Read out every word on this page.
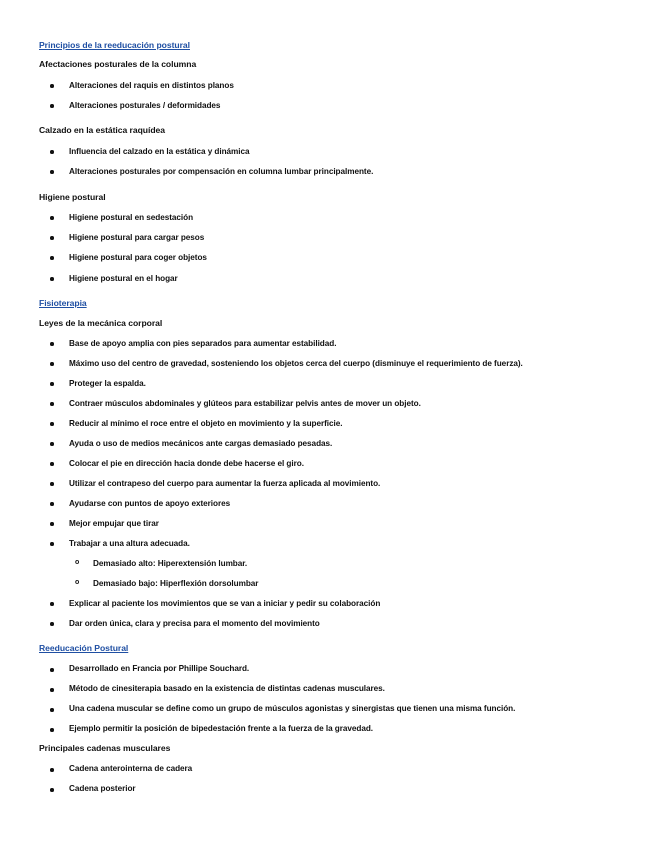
Principios de la reeducación postural
Afectaciones posturales de la columna
Alteraciones del raquis en distintos planos
Alteraciones posturales / deformidades
Calzado en la estática raquídea
Influencia del calzado en la estática y dinámica
Alteraciones posturales por compensación en columna lumbar principalmente.
Higiene postural
Higiene postural en sedestación
Higiene postural para cargar pesos
Higiene postural para coger objetos
Higiene postural en el hogar
Fisioterapia
Leyes de la mecánica corporal
Base de apoyo amplia con pies separados para aumentar estabilidad.
Máximo uso del centro de gravedad, sosteniendo los objetos cerca del cuerpo (disminuye el requerimiento de fuerza).
Proteger la espalda.
Contraer músculos abdominales y glúteos para estabilizar pelvis antes de mover un objeto.
Reducir al mínimo el roce entre el objeto en movimiento y la superficie.
Ayuda o uso de medios mecánicos ante cargas demasiado pesadas.
Colocar el pie en dirección hacia donde debe hacerse el giro.
Utilizar el contrapeso del cuerpo para aumentar la fuerza aplicada al movimiento.
Ayudarse con puntos de apoyo exteriores
Mejor empujar que tirar
Trabajar a una altura adecuada.
o Demasiado alto: Hiperextensión lumbar.
o Demasiado bajo: Hiperflexión dorsolumbar
Explicar al paciente los movimientos que se van a iniciar y pedir su colaboración
Dar orden única, clara y precisa para el momento del movimiento
Reeducación Postural
Desarrollado en Francia por Phillipe Souchard.
Método de cinesiterapia basado en la existencia de distintas cadenas musculares.
Una cadena muscular se define como un grupo de músculos agonistas y sinergistas que tienen una misma función.
Ejemplo permitir la posición de bipedestación frente a la fuerza de la gravedad.
Principales cadenas musculares
Cadena anterointerna de cadera
Cadena posterior
